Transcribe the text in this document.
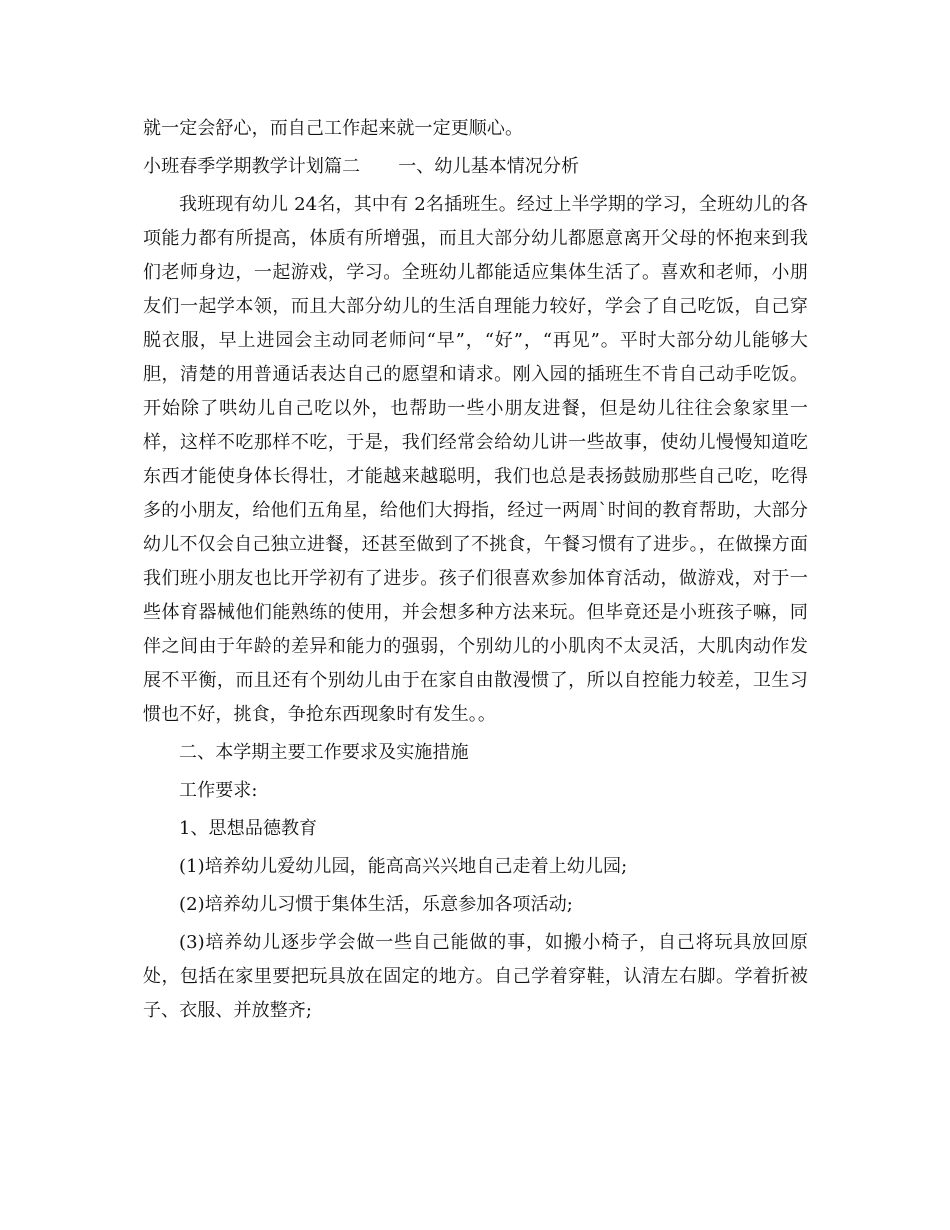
就一定会舒心，而自己工作起来就一定更顺心。

小班春季学期教学计划篇二 一、幼儿基本情况分析

我班现有幼儿 24名，其中有 2名插班生。经过上半学期的学习，全班幼儿的各项能力都有所提高，体质有所增强，而且大部分幼儿都愿意离开父母的怀抱来到我们老师身边，一起游戏，学习。全班幼儿都能适应集体生活了。喜欢和老师，小朋友们一起学本领，而且大部分幼儿的生活自理能力较好，学会了自己吃饭，自己穿脱衣服，早上进园会主动同老师问“早”，“好”，“再见”。平时大部分幼儿能够大胆，清楚的用普通话表达自己的愿望和请求。刚入园的插班生不肯自己动手吃饭。开始除了哄幼儿自己吃以外，也帮助一些小朋友进餐，但是幼儿往往会象家里一样，这样不吃那样不吃，于是，我们经常会给幼儿讲一些故事，使幼儿慢慢知道吃东西才能使身体长得壮，才能越来越聪明，我们也总是表扬鼓励那些自己吃，吃得多的小朋友，给他们五角星，给他们大拇指，经过一两周`时间的教育帮助，大部分幼儿不仅会自己独立进餐，还甚至做到了不挑食，午餐习惯有了进步。，在做操方面我们班小朋友也比开学初有了进步。孩子们很喜欢参加体育活动，做游戏，对于一些体育器械他们能熟练的使用，并会想多种方法来玩。但毕竟还是小班孩子嘛，同伴之间由于年龄的差异和能力的强弱，个别幼儿的小肌肉不太灵活，大肌肉动作发展不平衡，而且还有个别幼儿由于在家自由散漫惯了，所以自控能力较差，卫生习惯也不好，挑食，争抢东西现象时有发生。。

二、本学期主要工作要求及实施措施

工作要求:

1、思想品德教育

(1)培养幼儿爱幼儿园，能高高兴兴地自己走着上幼儿园;

(2)培养幼儿习惯于集体生活，乐意参加各项活动;

(3)培养幼儿逐步学会做一些自己能做的事，如搬小椅子，自己将玩具放回原处，包括在家里要把玩具放在固定的地方。自己学着穿鞋，认清左右脚。学着折被子、衣服、并放整齐;
